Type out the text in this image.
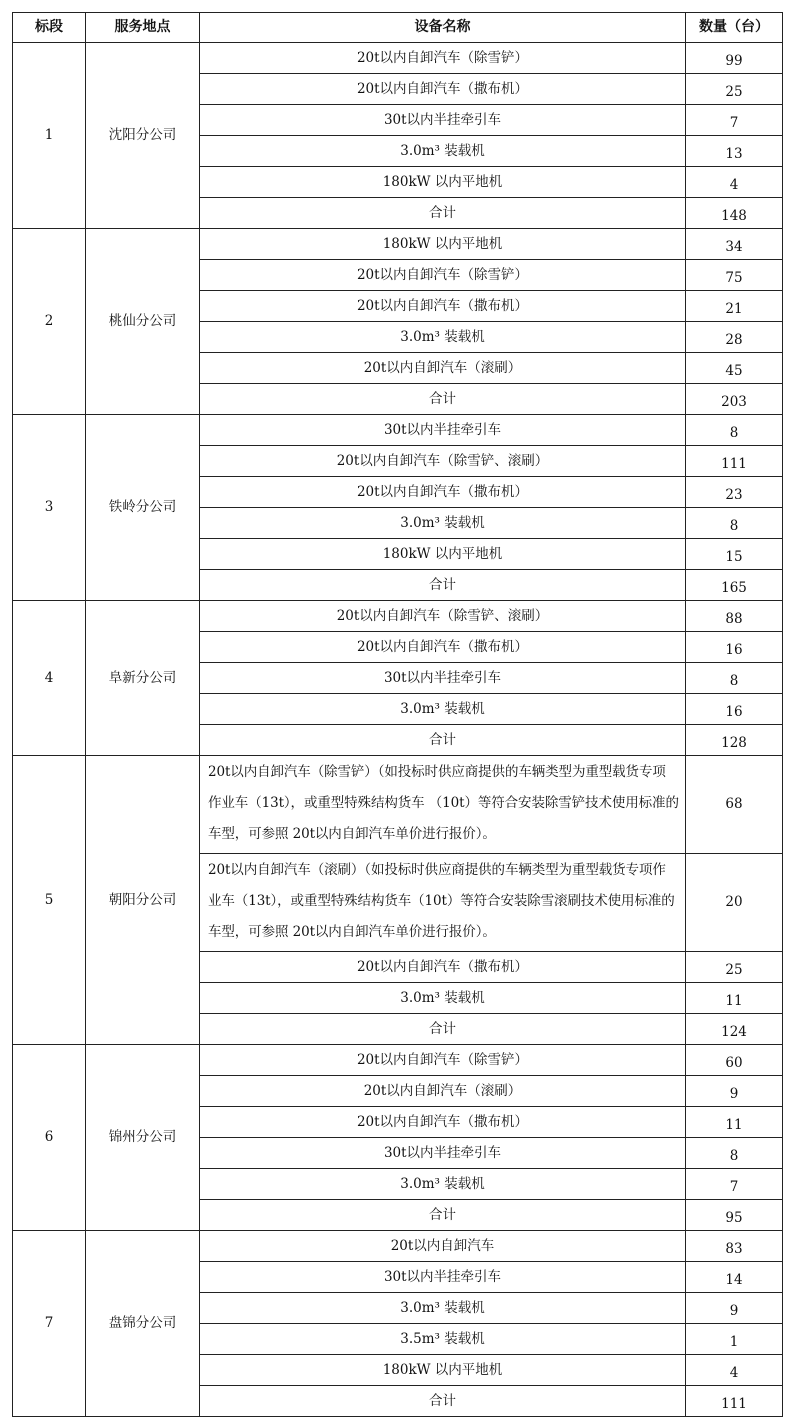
标段	服务地点	设备名称	数量（台）
1	沈阳分公司	20t以内自卸汽车（除雪铲）	99
		20t以内自卸汽车（撒布机）	25
		30t以内半挂牵引车	7
		3.0m³ 装载机	13
		180kW 以内平地机	4
		合计	148
2	桃仙分公司	180kW 以内平地机	34
		20t以内自卸汽车（除雪铲）	75
		20t以内自卸汽车（撒布机）	21
		3.0m³ 装载机	28
		20t以内自卸汽车（滚刷）	45
		合计	203
3	铁岭分公司	30t以内半挂牵引车	8
		20t以内自卸汽车（除雪铲、滚刷）	111
		20t以内自卸汽车（撒布机）	23
		3.0m³ 装载机	8
		180kW 以内平地机	15
		合计	165
4	阜新分公司	20t以内自卸汽车（除雪铲、滚刷）	88
		20t以内自卸汽车（撒布机）	16
		30t以内半挂牵引车	8
		3.0m³ 装载机	16
		合计	128
5	朝阳分公司	20t以内自卸汽车（除雪铲）（如投标时供应商提供的车辆类型为重型载货专项作业车（13t），或重型特殊结构货车 （10t）等符合安装除雪铲技术使用标准的车型，可参照 20t以内自卸汽车单价进行报价）。	68
		20t以内自卸汽车（滚刷）（如投标时供应商提供的车辆类型为重型载货专项作业车（13t），或重型特殊结构货车（10t）等符合安装除雪滚刷技术使用标准的车型，可参照 20t以内自卸汽车单价进行报价）。	20
		20t以内自卸汽车（撒布机）	25
		3.0m³ 装载机	11
		合计	124
6	锦州分公司	20t以内自卸汽车（除雪铲）	60
		20t以内自卸汽车（滚刷）	9
		20t以内自卸汽车（撒布机）	11
		30t以内半挂牵引车	8
		3.0m³ 装载机	7
		合计	95
7	盘锦分公司	20t以内自卸汽车	83
		30t以内半挂牵引车	14
		3.0m³ 装载机	9
		3.5m³ 装载机	1
		180kW 以内平地机	4
		合计	111
